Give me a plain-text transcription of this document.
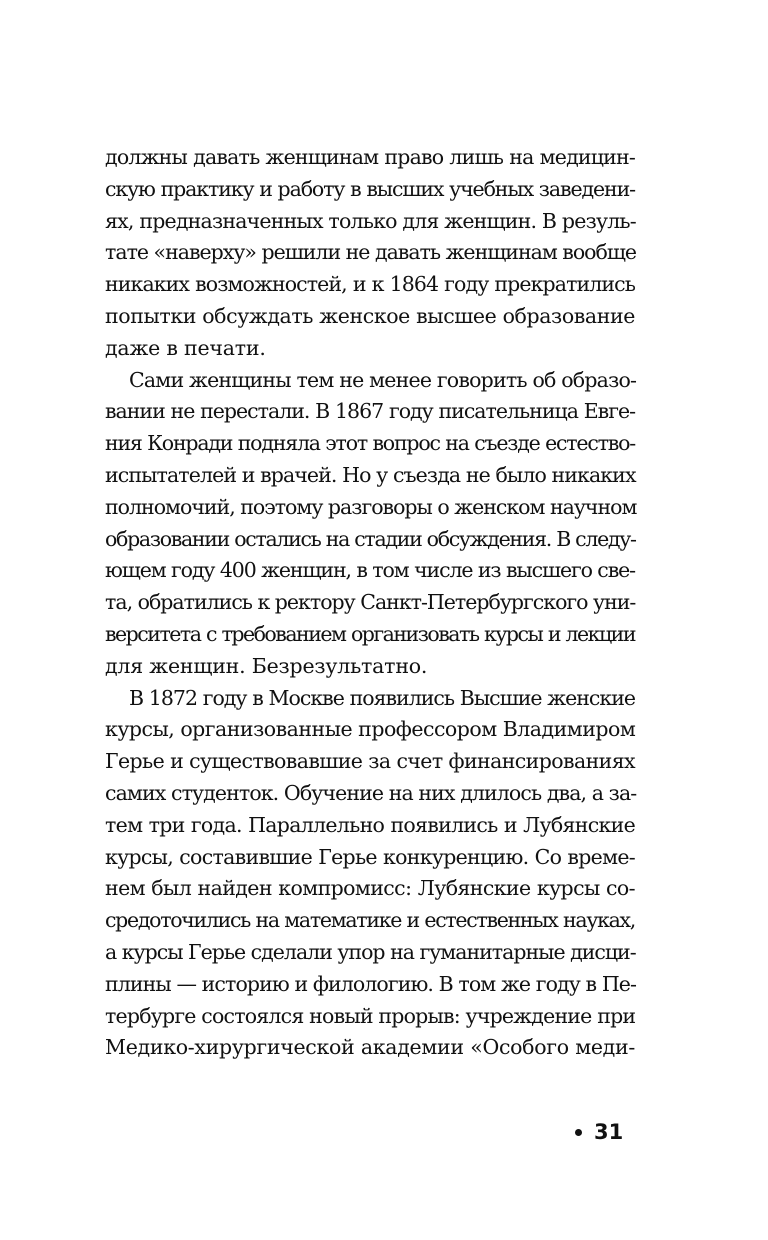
должны давать женщинам право лишь на медицин-
скую практику и работу в высших учебных заведени-
ях, предназначенных только для женщин. В резуль-
тате «наверху» решили не давать женщинам вообще
никаких возможностей, и к 1864 году прекратились
попытки обсуждать женское высшее образование
даже в печати.
Сами женщины тем не менее говорить об образо-
вании не перестали. В 1867 году писательница Евге-
ния Конради подняла этот вопрос на съезде естество-
испытателей и врачей. Но у съезда не было никаких
полномочий, поэтому разговоры о женском научном
образовании остались на стадии обсуждения. В следу-
ющем году 400 женщин, в том числе из высшего све-
та, обратились к ректору Санкт-Петербургского уни-
верситета с требованием организовать курсы и лекции
для женщин. Безрезультатно.
В 1872 году в Москве появились Высшие женские
курсы, организованные профессором Владимиром
Герье и существовавшие за счет финансированиях
самих студенток. Обучение на них длилось два, а за-
тем три года. Параллельно появились и Лубянские
курсы, составившие Герье конкуренцию. Со време-
нем был найден компромисс: Лубянские курсы со-
средоточились на математике и естественных науках,
а курсы Герье сделали упор на гуманитарные дисци-
плины — историю и филологию. В том же году в Пе-
тербурге состоялся новый прорыв: учреждение при
Медико-хирургической академии «Особого меди-
31
